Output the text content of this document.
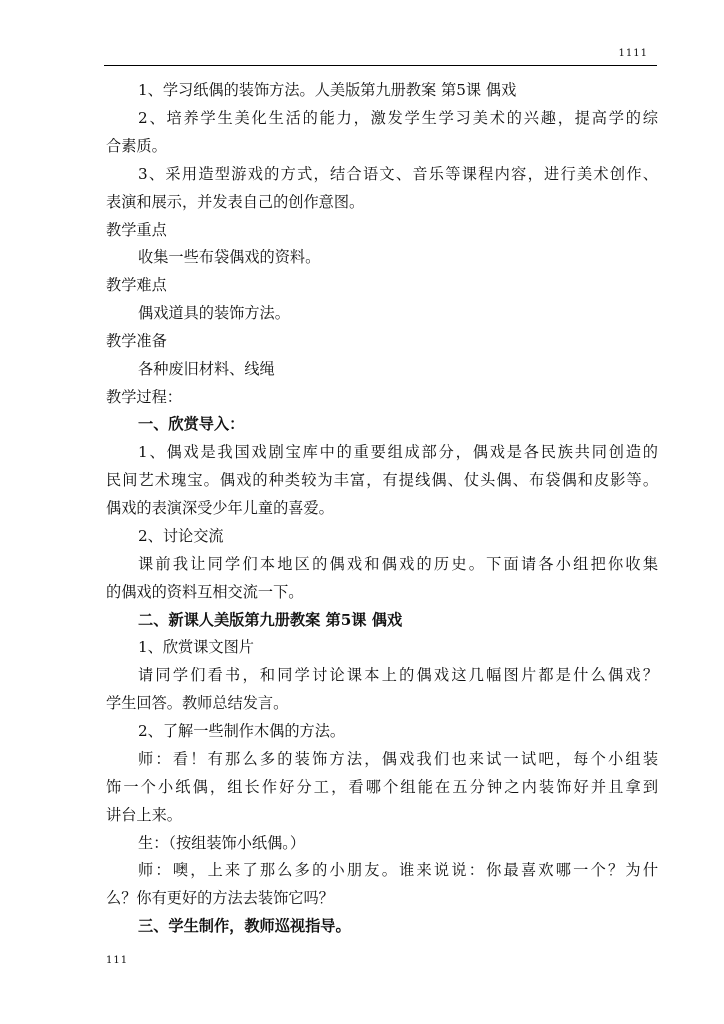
1111
1、学习纸偶的装饰方法。人美版第九册教案 第5课 偶戏
2、培养学生美化生活的能力，激发学生学习美术的兴趣，提高学的综
合素质。
3、采用造型游戏的方式，结合语文、音乐等课程内容，进行美术创作、
表演和展示，并发表自己的创作意图。
教学重点
收集一些布袋偶戏的资料。
教学难点
偶戏道具的装饰方法。
教学准备
各种废旧材料、线绳
教学过程：
一、欣赏导入：
1、偶戏是我国戏剧宝库中的重要组成部分，偶戏是各民族共同创造的
民间艺术瑰宝。偶戏的种类较为丰富，有提线偶、仗头偶、布袋偶和皮影等。
偶戏的表演深受少年儿童的喜爱。
2、讨论交流
课前我让同学们本地区的偶戏和偶戏的历史。下面请各小组把你收集
的偶戏的资料互相交流一下。
二、新课人美版第九册教案 第5课 偶戏
1、欣赏课文图片
请同学们看书，和同学讨论课本上的偶戏这几幅图片都是什么偶戏？
学生回答。教师总结发言。
2、了解一些制作木偶的方法。
师：看！有那么多的装饰方法，偶戏我们也来试一试吧，每个小组装
饰一个小纸偶，组长作好分工，看哪个组能在五分钟之内装饰好并且拿到
讲台上来。
生：（按组装饰小纸偶。）
师：噢，上来了那么多的小朋友。谁来说说：你最喜欢哪一个？为什
么？你有更好的方法去装饰它吗？
三、学生制作，教师巡视指导。
111
